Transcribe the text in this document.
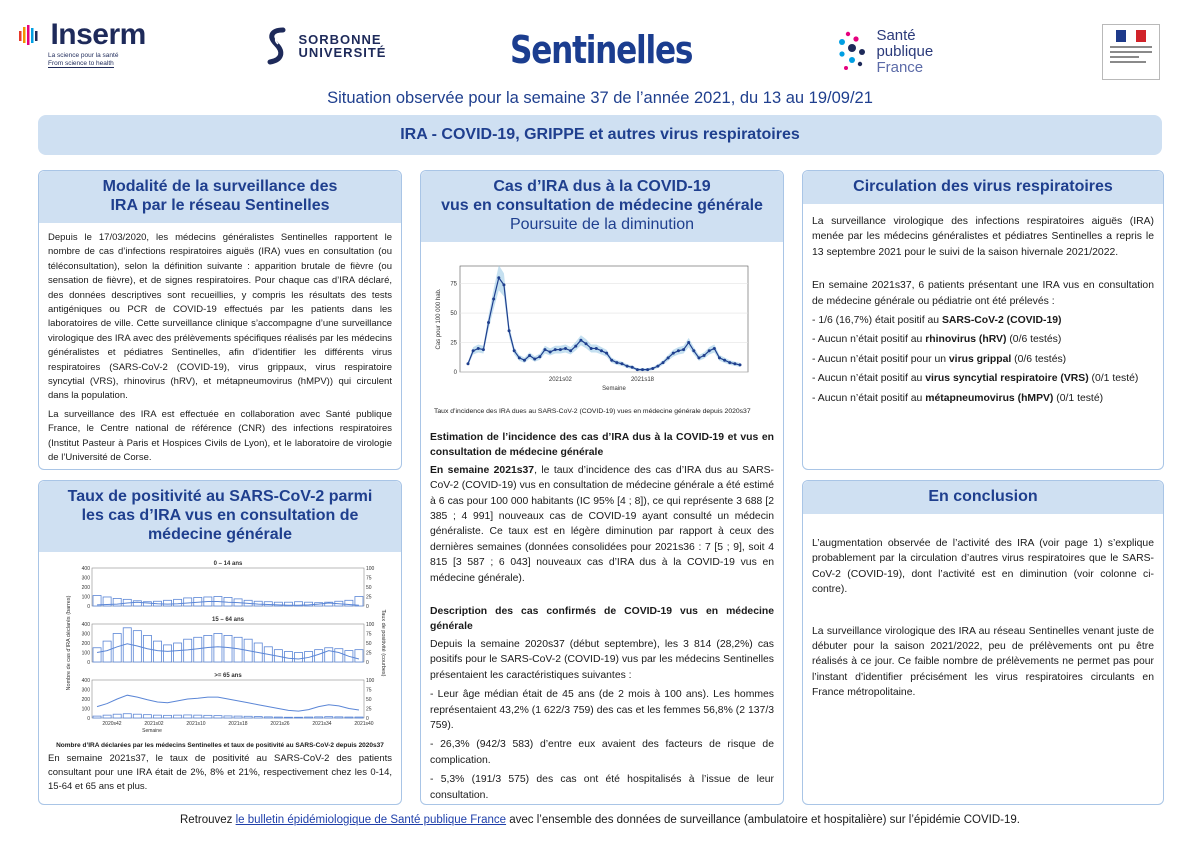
Inserm
La science pour la santé
From science to health

SORBONNE
UNIVERSITÉ	Sentinelles
	Santé
publique
France
Situation observée pour la semaine 37 de l’année 2021, du 13 au 19/09/21
IRA - COVID-19, GRIPPE et autres virus respiratoires
Modalité de la surveillance des IRA par le réseau Sentinelles

Depuis le 17/03/2020, les médecins généralistes Sentinelles rapportent le nombre de cas d’infections respiratoires aiguës (IRA) vues en consultation (ou téléconsultation), selon la définition suivante : apparition brutale de fièvre (ou sensation de fièvre), et de signes respiratoires. Pour chaque cas d’IRA déclaré, des données descriptives sont recueillies, y compris les résultats des tests antigéniques ou PCR de COVID-19 effectués par les patients dans les laboratoires de ville. Cette surveillance clinique s’accompagne d’une surveillance virologique des IRA avec des prélèvements spécifiques réalisés par les médecins généralistes et pédiatres Sentinelles, afin d’identifier les différents virus respiratoires (SARS-CoV-2 (COVID-19), virus grippaux, virus respiratoire syncytial (VRS), rhinovirus (hRV), et métapneumovirus (hMPV)) qui circulent dans la population.

La surveillance des IRA est effectuée en collaboration avec Santé publique France, le Centre national de référence (CNR) des infections respiratoires (Institut Pasteur à Paris et Hospices Civils de Lyon), et le laboratoire de virologie de l’Université de Corse.

Taux de positivité au SARS-CoV-2 parmi les cas d’IRA vus en consultation de médecine générale
0 – 14 ans
400	100
300	75
200	50
100	25
0	0
15 – 64 ans
400	100
300	75
200	50
100	25
0	0
>= 65 ans
400	100
300	75
200	50
100	25
0	0
2020s42	2021s02	2021s10	2021s18	2021s26	2021s34	2021s40
Semaine
Nombre de cas d'IRA déclarés (barres)	Taux de positivité (courbes)
Nombre d’IRA déclarées par les médecins Sentinelles et taux de positivité au SARS-CoV-2 depuis 2020s37

En semaine 2021s37, le taux de positivité au SARS-CoV-2 des patients consultant pour une IRA était de 2%, 8% et 21%, respectivement chez les 0-14, 15-64 et 65 ans et plus.

Cas d’IRA dus à la COVID-19
vus en consultation de médecine générale
Poursuite de la diminution
0
25
50
75
2021s02	2021s18
Semaine
Cas pour 100 000 hab.
Taux d’incidence des IRA dues au SARS-CoV-2 (COVID-19) vues en médecine générale depuis 2020s37

Estimation de l’incidence des cas d’IRA dus à la COVID-19 et vus en consultation de médecine générale

En semaine 2021s37, le taux d’incidence des cas d’IRA dus au SARS-CoV-2 (COVID-19) vus en consultation de médecine générale a été estimé à 6 cas pour 100 000 habitants (IC 95% [4 ; 8]), ce qui représente 3 688 [2 385 ; 4 991] nouveaux cas de COVID-19 ayant consulté un médecin généraliste. Ce taux est en légère diminution par rapport à ceux des dernières semaines (données consolidées pour 2021s36 : 7 [5 ; 9], soit 4 815 [3 587 ; 6 043] nouveaux cas d’IRA dus à la COVID-19 vus en médecine générale).

Description des cas confirmés de COVID-19 vus en médecine générale

Depuis la semaine 2020s37 (début septembre), les 3 814 (28,2%) cas positifs pour le SARS-CoV-2 (COVID-19) vus par les médecins Sentinelles présentaient les caractéristiques suivantes :

- Leur âge médian était de 45 ans (de 2 mois à 100 ans). Les hommes représentaient 43,2% (1 622/3 759) des cas et les femmes 56,8% (2 137/3 759).

- 26,3% (942/3 583) d’entre eux avaient des facteurs de risque de complication.

- 5,3% (191/3 575) des cas ont été hospitalisés à l’issue de leur consultation.

Circulation des virus respiratoires

La surveillance virologique des infections respiratoires aiguës (IRA) menée par les médecins généralistes et pédiatres Sentinelles a repris le 13 septembre 2021 pour le suivi de la saison hivernale 2021/2022.

En semaine 2021s37, 6 patients présentant une IRA vus en consultation de médecine générale ou pédiatrie ont été prélevés :

- 1/6 (16,7%) était positif au SARS-CoV-2 (COVID-19)
- Aucun n’était positif au rhinovirus (hRV) (0/6 testés)
- Aucun n’était positif pour un virus grippal (0/6 testés)
- Aucun n’était positif au virus syncytial respiratoire (VRS) (0/1 testé)
- Aucun n’était positif au métapneumovirus (hMPV) (0/1 testé)
En conclusion

L’augmentation observée de l’activité des IRA (voir page 1) s’explique probablement par la circulation d’autres virus respiratoires que le SARS-CoV-2 (COVID-19), dont l’activité est en diminution (voir colonne ci-contre).

La surveillance virologique des IRA au réseau Sentinelles venant juste de débuter pour la saison 2021/2022, peu de prélèvements ont pu être réalisés à ce jour. Ce faible nombre de prélèvements ne permet pas pour l’instant d’identifier précisément les virus respiratoires circulants en France métropolitaine.

Retrouvez le bulletin épidémiologique de Santé publique France avec l’ensemble des données de surveillance (ambulatoire et hospitalière) sur l’épidémie COVID-19.
